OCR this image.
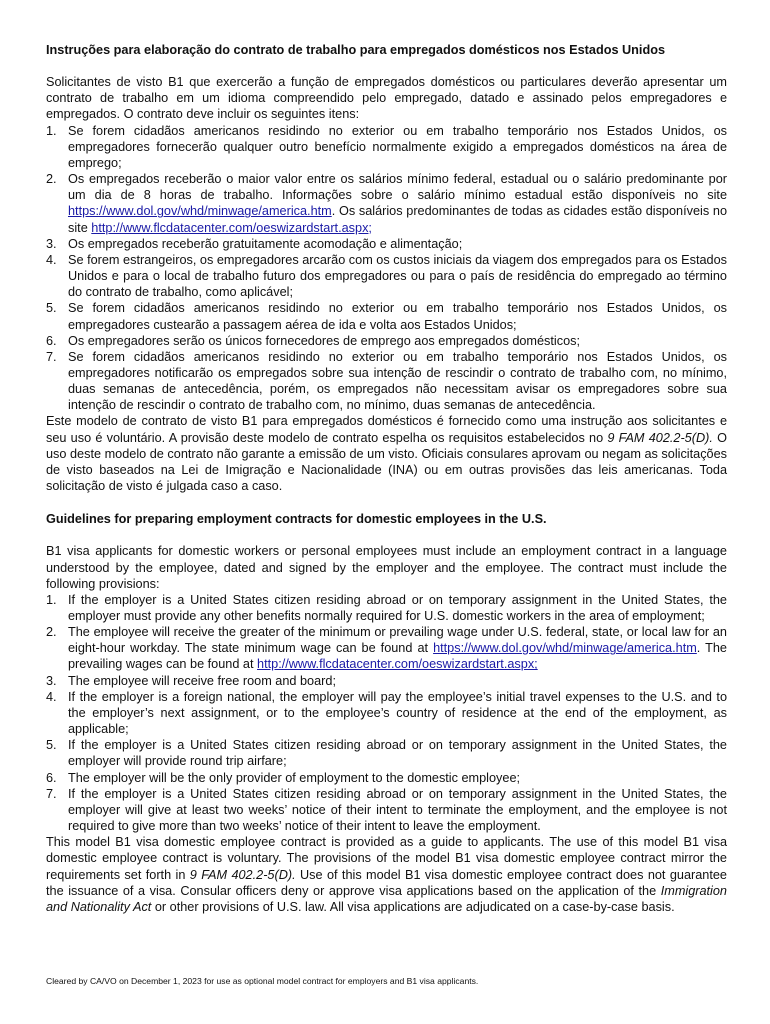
Instruções para elaboração do contrato de trabalho para empregados domésticos nos Estados Unidos

Solicitantes de visto B1 que exercerão a função de empregados domésticos ou particulares deverão apresentar um contrato de trabalho em um idioma compreendido pelo empregado, datado e assinado pelos empregadores e empregados. O contrato deve incluir os seguintes itens:

1. Se forem cidadãos americanos residindo no exterior ou em trabalho temporário nos Estados Unidos, os empregadores fornecerão qualquer outro benefício normalmente exigido a empregados domésticos na área de emprego;
2. Os empregados receberão o maior valor entre os salários mínimo federal, estadual ou o salário predominante por um dia de 8 horas de trabalho. Informações sobre o salário mínimo estadual estão disponíveis no site https://www.dol.gov/whd/minwage/america.htm. Os salários predominantes de todas as cidades estão disponíveis no site http://www.flcdatacenter.com/oeswizardstart.aspx;
3. Os empregados receberão gratuitamente acomodação e alimentação;
4. Se forem estrangeiros, os empregadores arcarão com os custos iniciais da viagem dos empregados para os Estados Unidos e para o local de trabalho futuro dos empregadores ou para o país de residência do empregado ao término do contrato de trabalho, como aplicável;
5. Se forem cidadãos americanos residindo no exterior ou em trabalho temporário nos Estados Unidos, os empregadores custearão a passagem aérea de ida e volta aos Estados Unidos;
6. Os empregadores serão os únicos fornecedores de emprego aos empregados domésticos;
7. Se forem cidadãos americanos residindo no exterior ou em trabalho temporário nos Estados Unidos, os empregadores notificarão os empregados sobre sua intenção de rescindir o contrato de trabalho com, no mínimo, duas semanas de antecedência, porém, os empregados não necessitam avisar os empregadores sobre sua intenção de rescindir o contrato de trabalho com, no mínimo, duas semanas de antecedência.

Este modelo de contrato de visto B1 para empregados domésticos é fornecido como uma instrução aos solicitantes e seu uso é voluntário. A provisão deste modelo de contrato espelha os requisitos estabelecidos no 9 FAM 402.2-5(D). O uso deste modelo de contrato não garante a emissão de um visto. Oficiais consulares aprovam ou negam as solicitações de visto baseados na Lei de Imigração e Nacionalidade (INA) ou em outras provisões das leis americanas. Toda solicitação de visto é julgada caso a caso.

Guidelines for preparing employment contracts for domestic employees in the U.S.

B1 visa applicants for domestic workers or personal employees must include an employment contract in a language understood by the employee, dated and signed by the employer and the employee. The contract must include the following provisions:

1. If the employer is a United States citizen residing abroad or on temporary assignment in the United States, the employer must provide any other benefits normally required for U.S. domestic workers in the area of employment;
2. The employee will receive the greater of the minimum or prevailing wage under U.S. federal, state, or local law for an eight-hour workday. The state minimum wage can be found at https://www.dol.gov/whd/minwage/america.htm. The prevailing wages can be found at http://www.flcdatacenter.com/oeswizardstart.aspx;
3. The employee will receive free room and board;
4. If the employer is a foreign national, the employer will pay the employee’s initial travel expenses to the U.S. and to the employer’s next assignment, or to the employee’s country of residence at the end of the employment, as applicable;
5. If the employer is a United States citizen residing abroad or on temporary assignment in the United States, the employer will provide round trip airfare;
6. The employer will be the only provider of employment to the domestic employee;
7. If the employer is a United States citizen residing abroad or on temporary assignment in the United States, the employer will give at least two weeks’ notice of their intent to terminate the employment, and the employee is not required to give more than two weeks’ notice of their intent to leave the employment.

This model B1 visa domestic employee contract is provided as a guide to applicants. The use of this model B1 visa domestic employee contract is voluntary. The provisions of the model B1 visa domestic employee contract mirror the requirements set forth in 9 FAM 402.2-5(D). Use of this model B1 visa domestic employee contract does not guarantee the issuance of a visa. Consular officers deny or approve visa applications based on the application of the Immigration and Nationality Act or other provisions of U.S. law. All visa applications are adjudicated on a case-by-case basis.

Cleared by CA/VO on December 1, 2023 for use as optional model contract for employers and B1 visa applicants.
